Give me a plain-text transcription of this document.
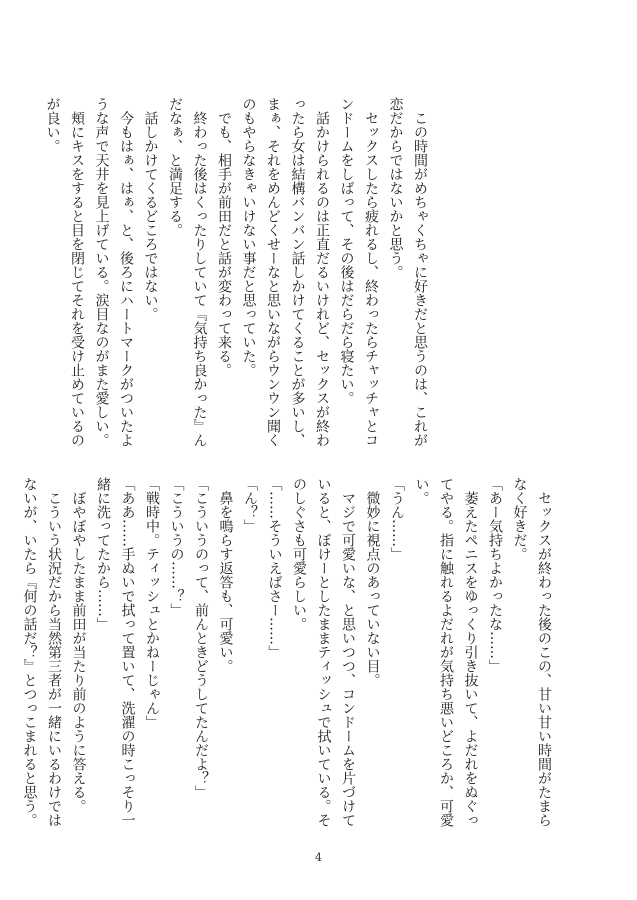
　この時間がめちゃくちゃに好きだと思うのは、これが
恋だからではないかと思う。
　セックスしたら疲れるし、終わったらチャッチャとコ
ンドームをしばって、その後はだらだら寝たい。
　話かけられるのは正直だるいけれど、セックスが終わ
ったら女は結構バンバン話しかけてくることが多いし、
まぁ、それをめんどくせーなと思いながらウンウン聞く
のもやらなきゃいけない事だと思っていた。
　でも、相手が前田だと話が変わって来る。
　終わった後はくったりしていて『気持ち良かった』ん
だなぁ、と満足する。
　話しかけてくるどころではない。
　今もはぁ、はぁ、と、後ろにハートマークがついたよ
うな声で天井を見上げている。涙目なのがまた愛しい。
　頬にキスをすると目を閉じてそれを受け止めているの
が良い。
　セックスが終わった後のこの、甘い甘い時間がたまら
なく好きだ。
「あー気持ちよかったな……」
　萎えたペニスをゆっくり引き抜いて、よだれをぬぐっ
てやる。指に触れるよだれが気持ち悪いどころか、可愛
い。
「うん……」
　微妙に視点のあっていない目。
　マジで可愛いな、と思いつつ、コンドームを片づけて
いると、ぼけーとしたままティッシュで拭いている。そ
のしぐさも可愛らしい。
「……そういえばさー……」
「ん？」
　鼻を鳴らす返答も、可愛い。
「こういうのって、前んときどうしてたんだよ？」
「こういうの……？」
「戦時中。ティッシュとかねーじゃん」
「ああ……手ぬいで拭って置いて、洗濯の時こっそり一
緒に洗ってたから……」
　ぼやぼやしたまま前田が当たり前のように答える。
　こういう状況だから当然第三者が一緒にいるわけでは
ないが、いたら『何の話だ？』とつっこまれると思う。
4
